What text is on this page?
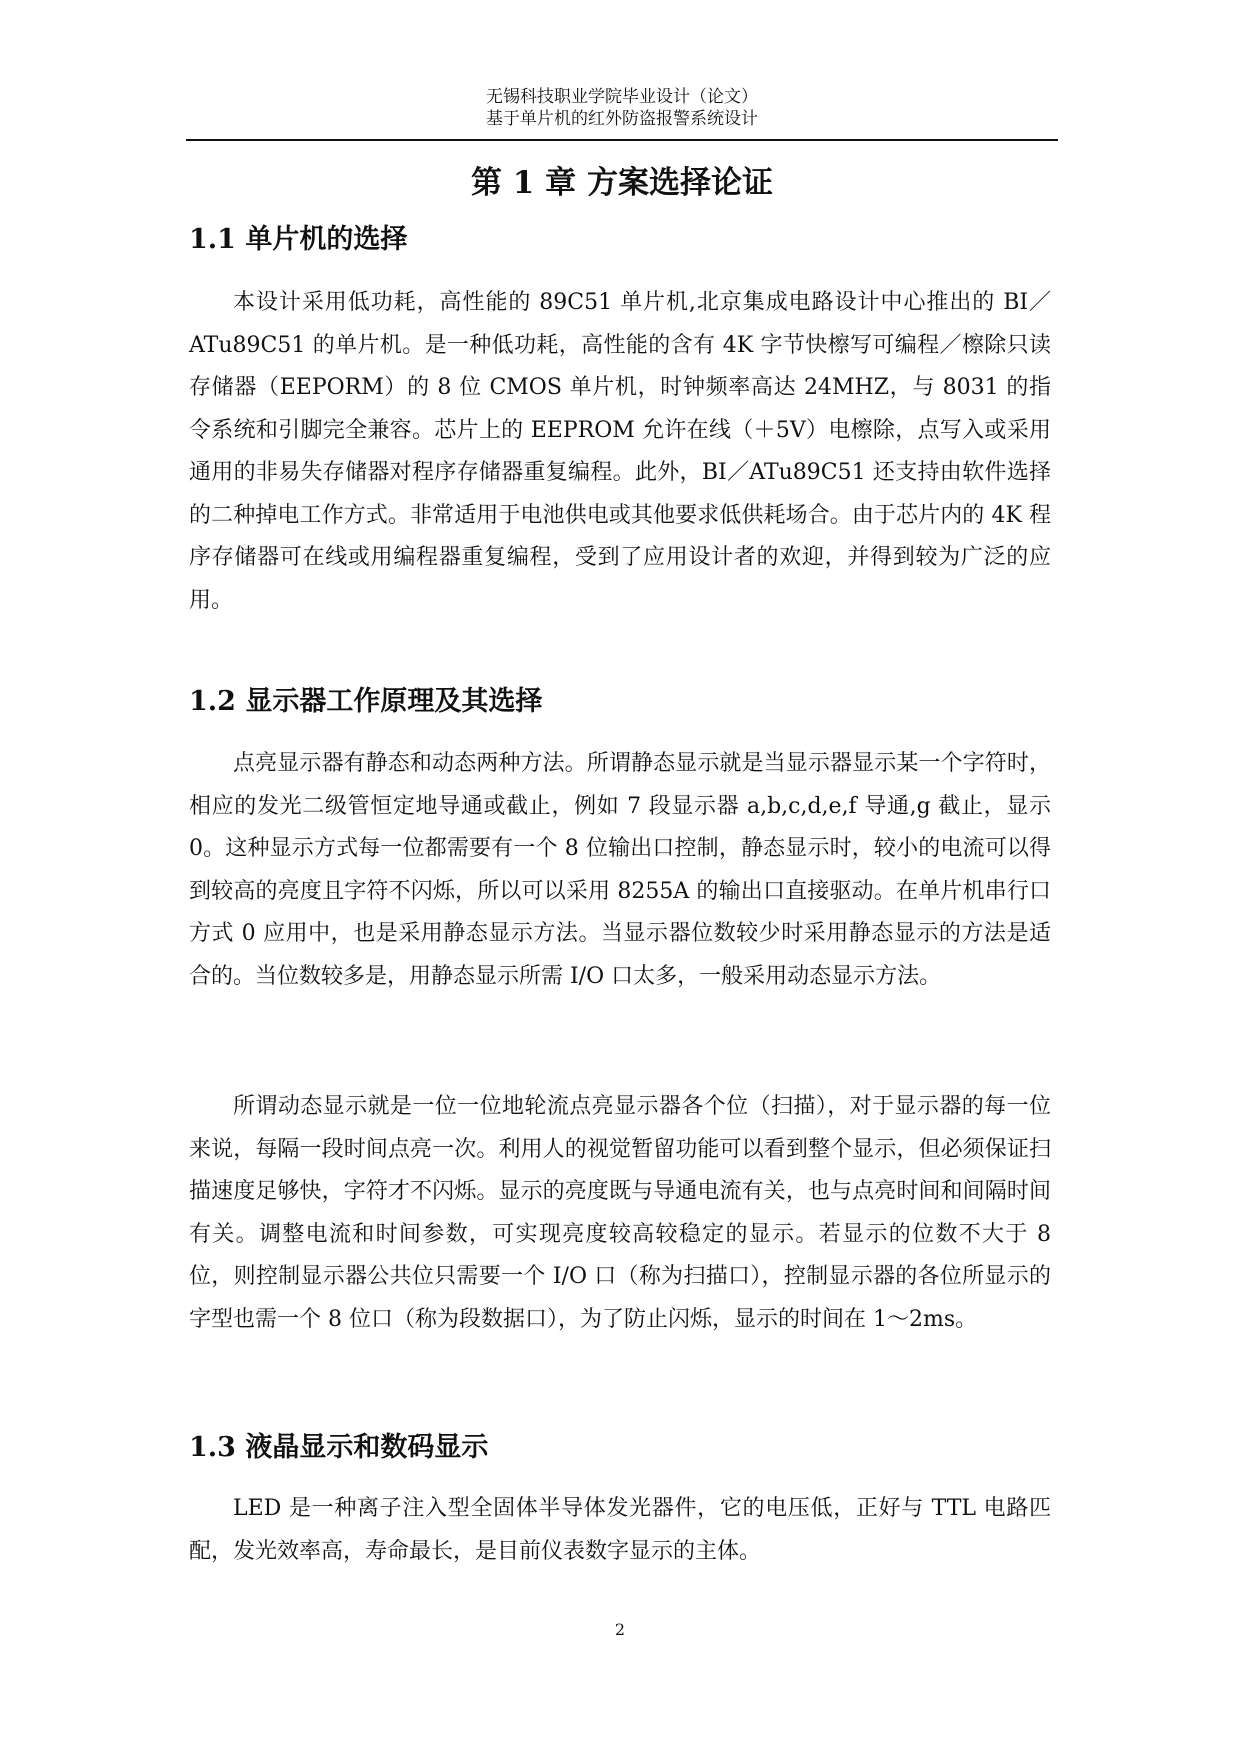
无锡科技职业学院毕业设计（论文）
基于单片机的红外防盗报警系统设计
第 1 章 方案选择论证
1.1 单片机的选择

本设计采用低功耗，高性能的 89C51 单片机,北京集成电路设计中心推出的 BI／ATu89C51 的单片机。是一种低功耗，高性能的含有 4K 字节快檫写可编程／檫除只读存储器（EEPORM）的 8 位 CMOS 单片机，时钟频率高达 24MHZ，与 8031 的指令系统和引脚完全兼容。芯片上的 EEPROM 允许在线（＋5V）电檫除，点写入或采用通用的非易失存储器对程序存储器重复编程。此外，BI／ATu89C51 还支持由软件选择的二种掉电工作方式。非常适用于电池供电或其他要求低供耗场合。由于芯片内的 4K 程序存储器可在线或用编程器重复编程，受到了应用设计者的欢迎，并得到较为广泛的应用。

1.2 显示器工作原理及其选择

点亮显示器有静态和动态两种方法。所谓静态显示就是当显示器显示某一个字符时，相应的发光二级管恒定地导通或截止，例如 7 段显示器 a,b,c,d,e,f 导通,g 截止，显示 0。这种显示方式每一位都需要有一个 8 位输出口控制，静态显示时，较小的电流可以得到较高的亮度且字符不闪烁，所以可以采用 8255A 的输出口直接驱动。在单片机串行口方式 0 应用中，也是采用静态显示方法。当显示器位数较少时采用静态显示的方法是适合的。当位数较多是，用静态显示所需 I/O 口太多，一般采用动态显示方法。

所谓动态显示就是一位一位地轮流点亮显示器各个位（扫描），对于显示器的每一位来说，每隔一段时间点亮一次。利用人的视觉暂留功能可以看到整个显示，但必须保证扫描速度足够快，字符才不闪烁。显示的亮度既与导通电流有关，也与点亮时间和间隔时间有关。调整电流和时间参数，可实现亮度较高较稳定的显示。若显示的位数不大于 8 位，则控制显示器公共位只需要一个 I/O 口（称为扫描口），控制显示器的各位所显示的字型也需一个 8 位口（称为段数据口），为了防止闪烁，显示的时间在 1～2ms。

1.3 液晶显示和数码显示

LED 是一种离子注入型全固体半导体发光器件，它的电压低，正好与 TTL 电路匹配，发光效率高，寿命最长，是目前仪表数字显示的主体。

2
